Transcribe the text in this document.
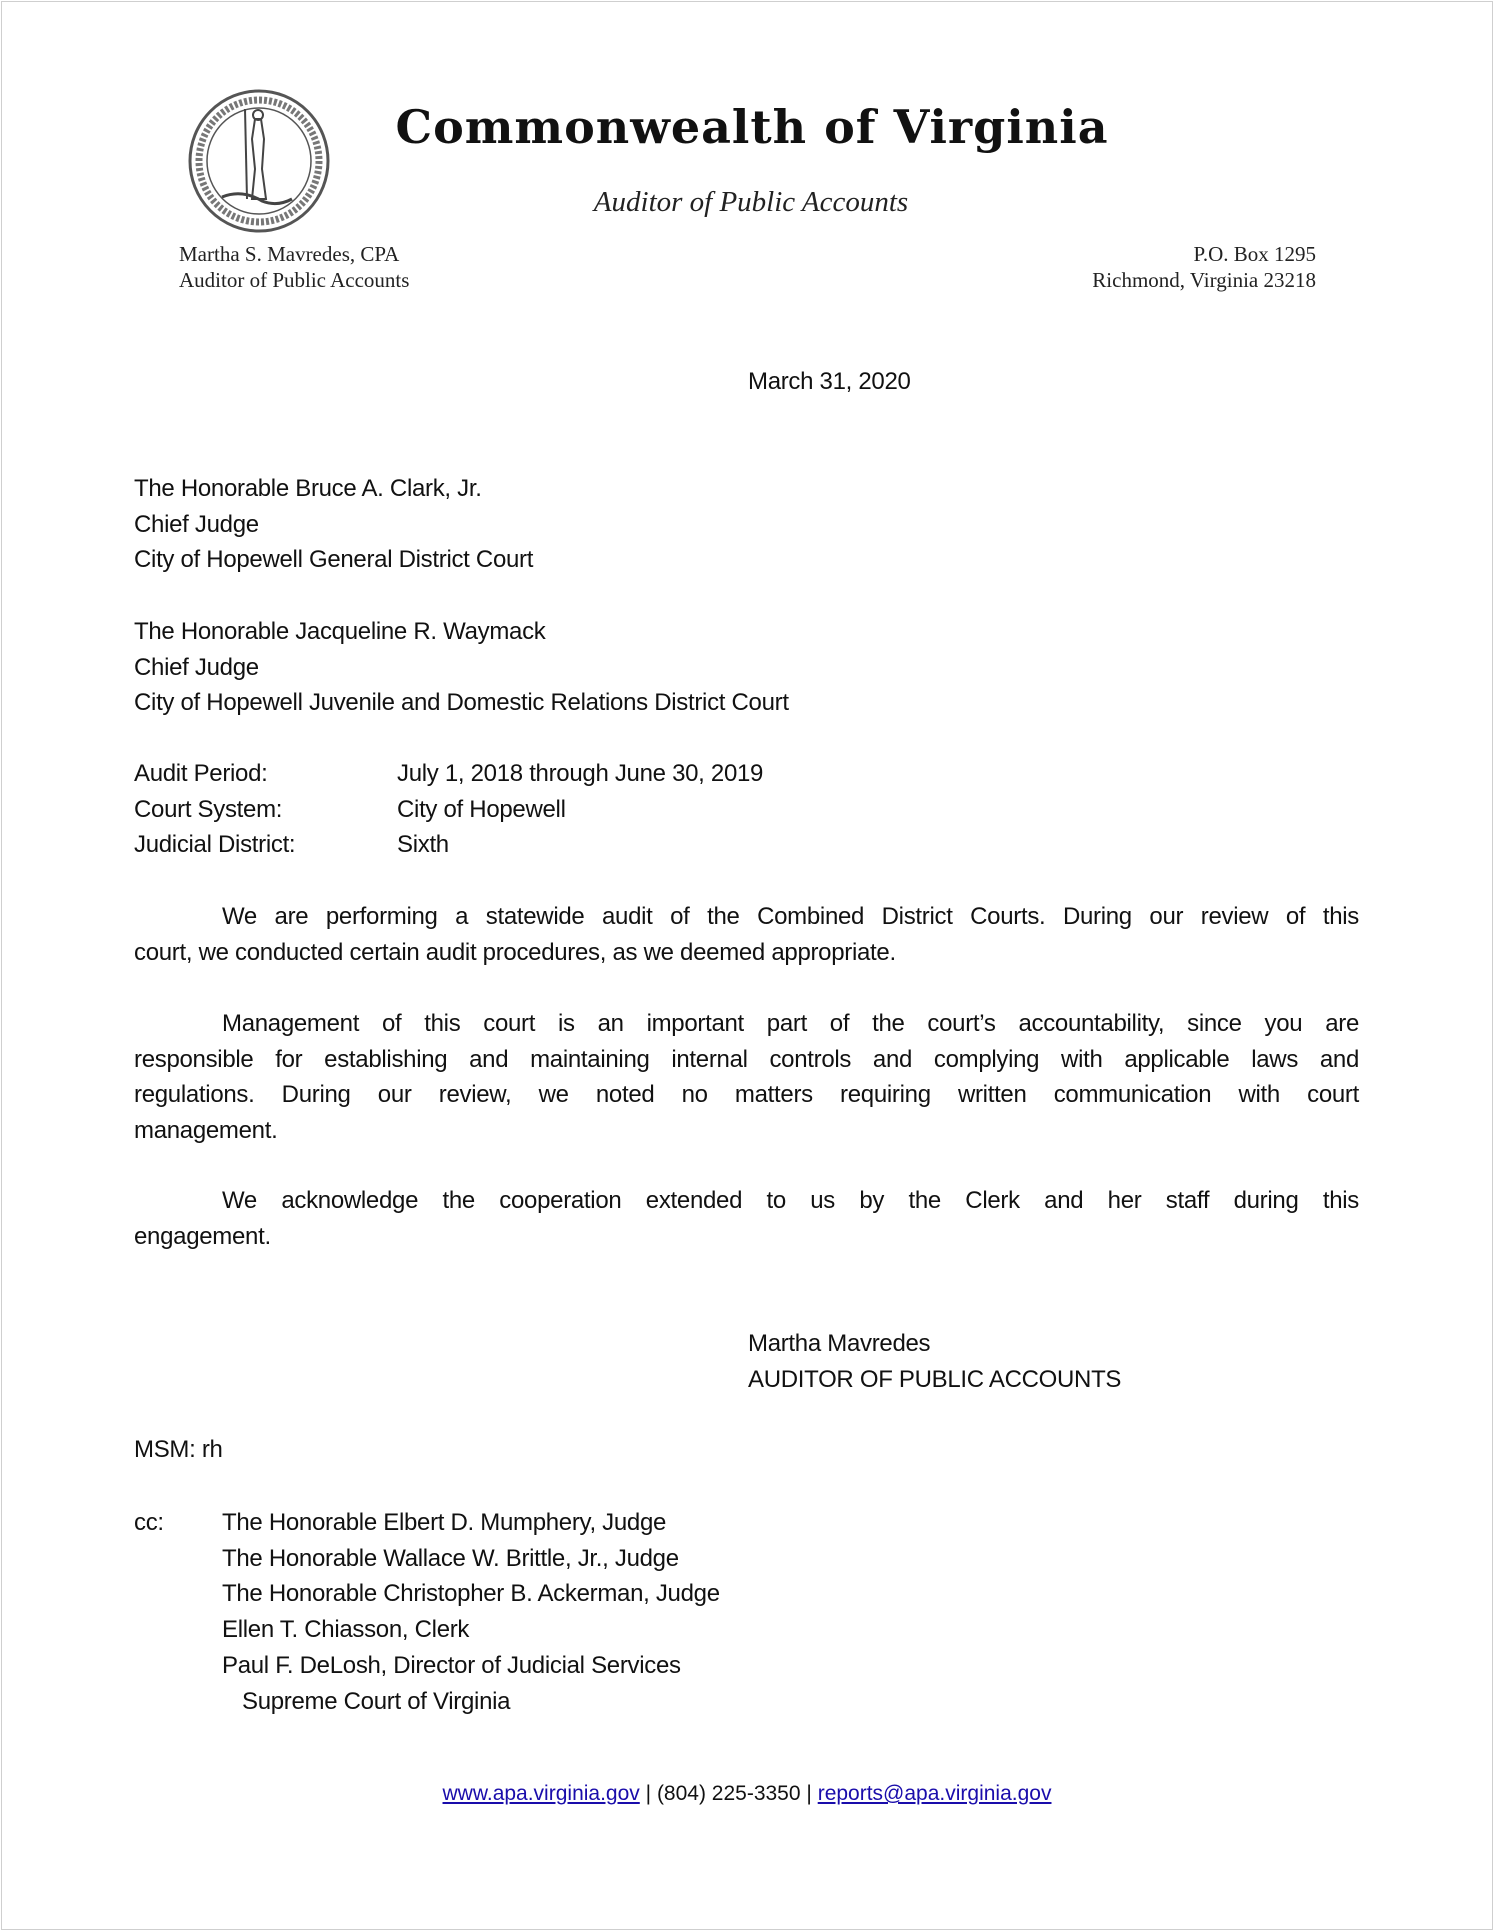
Commonwealth of Virginia
Auditor of Public Accounts
Martha S. Mavredes, CPA
Auditor of Public Accounts
P.O. Box 1295
Richmond, Virginia 23218
March 31, 2020
The Honorable Bruce A. Clark, Jr.
Chief Judge
City of Hopewell General District Court
The Honorable Jacqueline R. Waymack
Chief Judge
City of Hopewell Juvenile and Domestic Relations District Court
Audit Period:	July 1, 2018 through June 30, 2019
Court System:	City of Hopewell
Judicial District:	Sixth
We are performing a statewide audit of the Combined District Courts. During our review of this
court, we conducted certain audit procedures, as we deemed appropriate.
Management of this court is an important part of the court’s accountability, since you are
responsible for establishing and maintaining internal controls and complying with applicable laws and
regulations. During our review, we noted no matters requiring written communication with court
management.
We acknowledge the cooperation extended to us by the Clerk and her staff during this
engagement.
Martha Mavredes
AUDITOR OF PUBLIC ACCOUNTS
MSM: rh
cc:	The Honorable Elbert D. Mumphery, Judge
The Honorable Wallace W. Brittle, Jr., Judge
The Honorable Christopher B. Ackerman, Judge
Ellen T. Chiasson, Clerk
Paul F. DeLosh, Director of Judicial Services
Supreme Court of Virginia
www.apa.virginia.gov | (804) 225-3350 | reports@apa.virginia.gov
